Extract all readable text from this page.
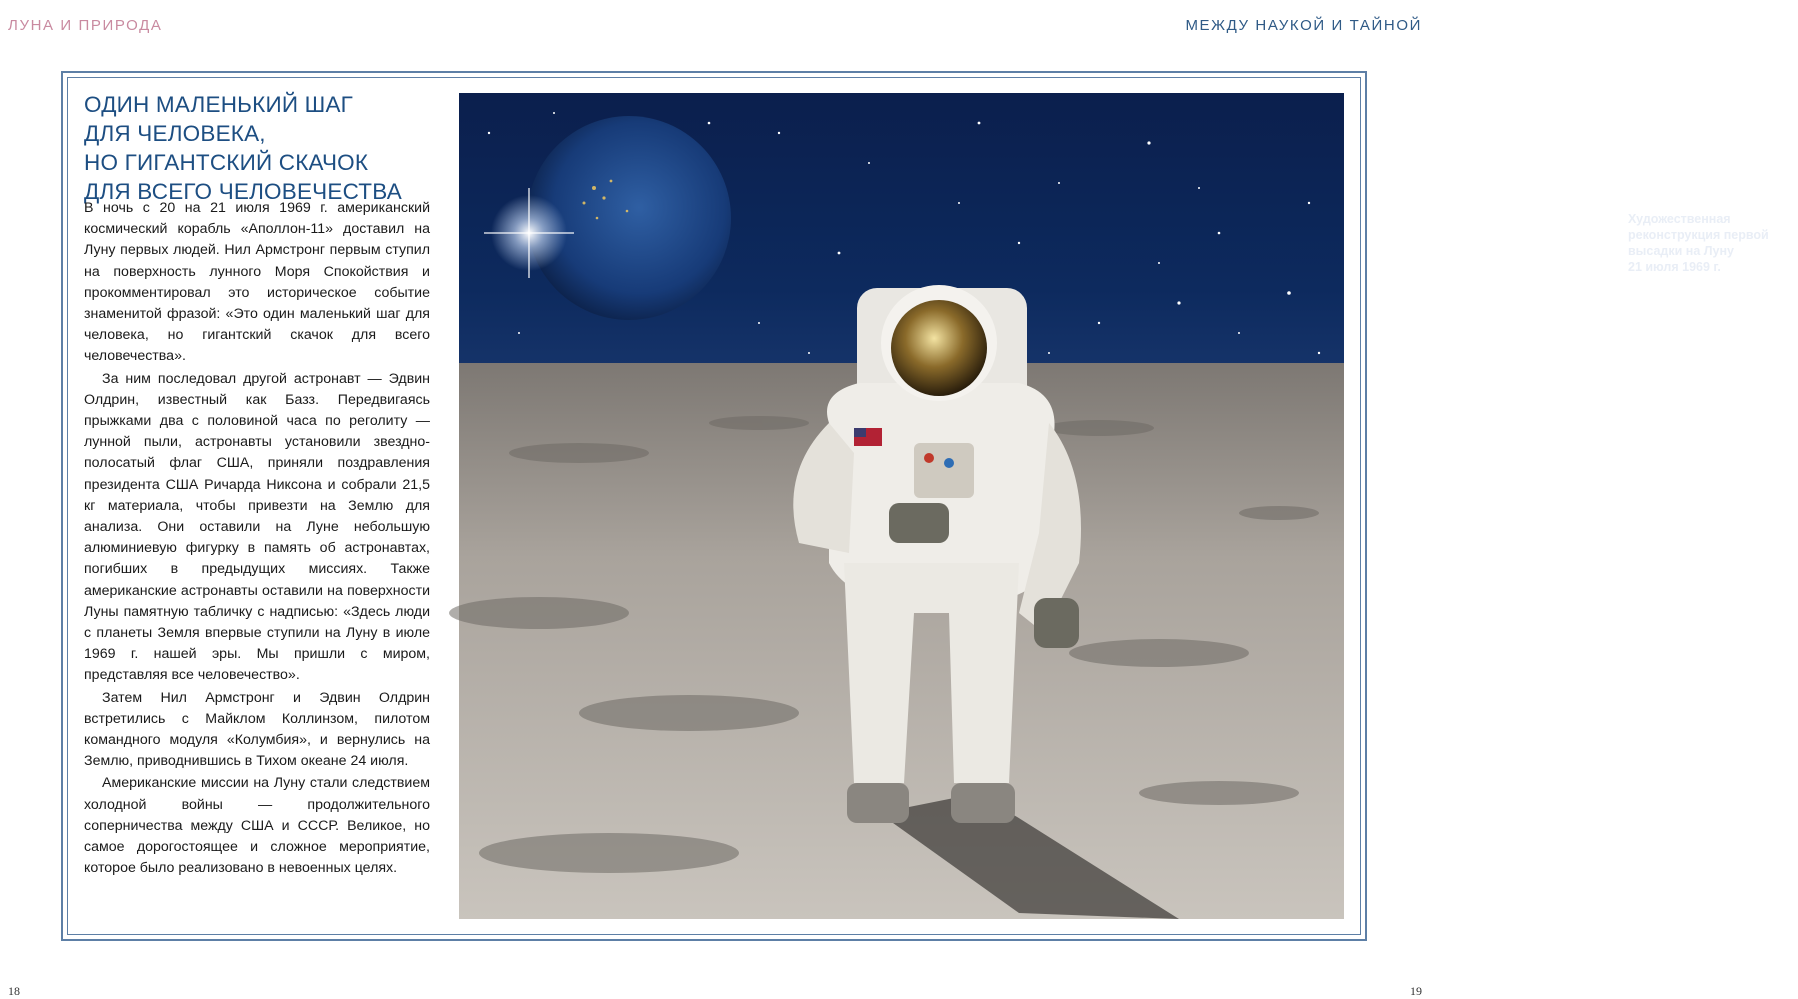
ЛУНА И ПРИРОДА	МЕЖДУ НАУКОЙ И ТАЙНОЙ
ОДИН МАЛЕНЬКИЙ ШАГ
ДЛЯ ЧЕЛОВЕКА,
НО ГИГАНТСКИЙ СКАЧОК
ДЛЯ ВСЕГО ЧЕЛОВЕЧЕСТВА

В ночь с 20 на 21 июля 1969 г. американский космический корабль «Аполлон-11» доставил на Луну первых людей. Нил Армстронг первым ступил на поверхность лунного Моря Спокойствия и прокомментировал это историческое событие знаменитой фразой: «Это один маленький шаг для человека, но гигантский скачок для всего человечества».

За ним последовал другой астронавт — Эдвин Олдрин, известный как Базз. Передвигаясь прыжками два с половиной часа по реголиту — лунной пыли, астронавты установили звездно-полосатый флаг США, приняли поздравления президента США Ричарда Никсона и собрали 21,5 кг материала, чтобы привезти на Землю для анализа. Они оставили на Луне небольшую алюминиевую фигурку в память об астронавтах, погибших в предыдущих миссиях. Также американские астронавты оставили на поверхности Луны памятную табличку с надписью: «Здесь люди с планеты Земля впервые ступили на Луну в июле 1969 г. нашей эры. Мы пришли с миром, представляя все человечество».

Затем Нил Армстронг и Эдвин Олдрин встретились с Майклом Коллинзом, пилотом командного модуля «Колумбия», и вернулись на Землю, приводнившись в Тихом океане 24 июля.

Американские миссии на Луну стали следствием холодной войны — продолжительного соперничества между США и СССР. Великое, но самое дорогостоящее и сложное мероприятие, которое было реализовано в невоенных целях.

Художественная
реконструкция первой
высадки на Луну
21 июля 1969 г.
18	19
